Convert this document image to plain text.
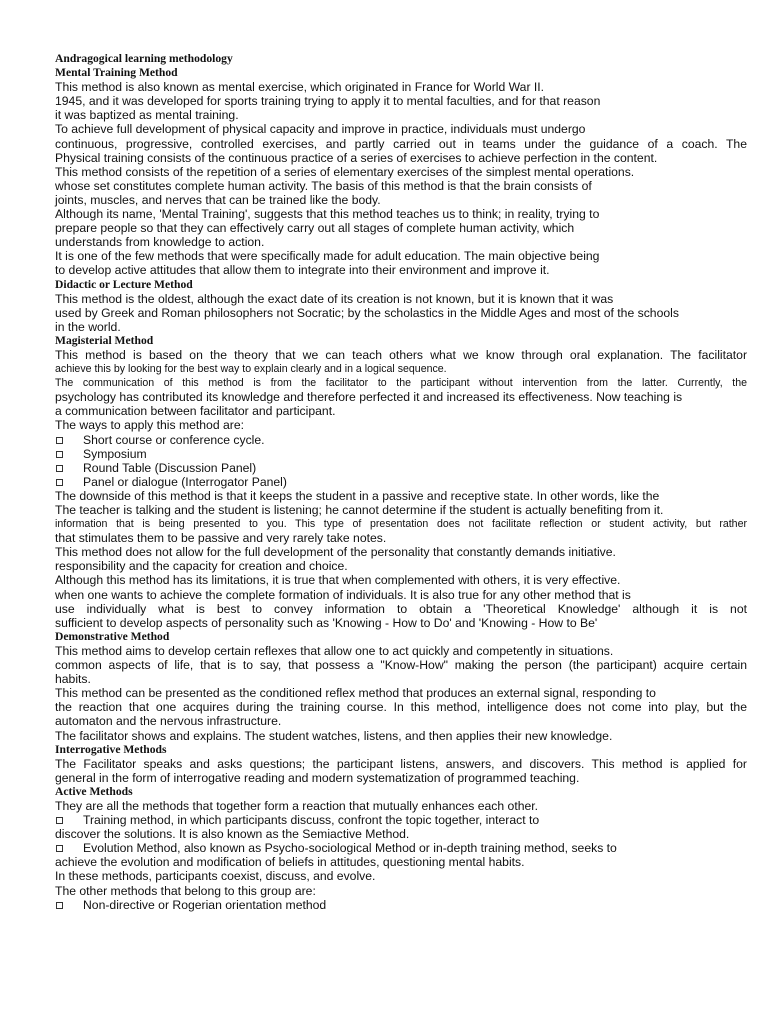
Andragogical learning methodology
Mental Training Method
This method is also known as mental exercise, which originated in France for World War II.
1945, and it was developed for sports training trying to apply it to mental faculties, and for that reason
it was baptized as mental training.
To achieve full development of physical capacity and improve in practice, individuals must undergo
continuous, progressive, controlled exercises, and partly carried out in teams under the guidance of a coach. The
Physical training consists of the continuous practice of a series of exercises to achieve perfection in the content.
This method consists of the repetition of a series of elementary exercises of the simplest mental operations.
whose set constitutes complete human activity. The basis of this method is that the brain consists of
joints, muscles, and nerves that can be trained like the body.
Although its name, 'Mental Training', suggests that this method teaches us to think; in reality, trying to
prepare people so that they can effectively carry out all stages of complete human activity, which
understands from knowledge to action.
It is one of the few methods that were specifically made for adult education. The main objective being
to develop active attitudes that allow them to integrate into their environment and improve it.
Didactic or Lecture Method
This method is the oldest, although the exact date of its creation is not known, but it is known that it was
used by Greek and Roman philosophers not Socratic; by the scholastics in the Middle Ages and most of the schools
in the world.
Magisterial Method
This method is based on the theory that we can teach others what we know through oral explanation. The facilitator
achieve this by looking for the best way to explain clearly and in a logical sequence.
The communication of this method is from the facilitator to the participant without intervention from the latter. Currently, the
psychology has contributed its knowledge and therefore perfected it and increased its effectiveness. Now teaching is
a communication between facilitator and participant.
The ways to apply this method are:
Short course or conference cycle.
Symposium
Round Table (Discussion Panel)
Panel or dialogue (Interrogator Panel)
The downside of this method is that it keeps the student in a passive and receptive state. In other words, like the
The teacher is talking and the student is listening; he cannot determine if the student is actually benefiting from it.
information that is being presented to you. This type of presentation does not facilitate reflection or student activity, but rather
that stimulates them to be passive and very rarely take notes.
This method does not allow for the full development of the personality that constantly demands initiative.
responsibility and the capacity for creation and choice.
Although this method has its limitations, it is true that when complemented with others, it is very effective.
when one wants to achieve the complete formation of individuals. It is also true for any other method that is
use individually what is best to convey information to obtain a 'Theoretical Knowledge' although it is not
sufficient to develop aspects of personality such as 'Knowing - How to Do' and 'Knowing - How to Be'
Demonstrative Method
This method aims to develop certain reflexes that allow one to act quickly and competently in situations.
common aspects of life, that is to say, that possess a "Know-How" making the person (the participant) acquire certain
habits.
This method can be presented as the conditioned reflex method that produces an external signal, responding to
the reaction that one acquires during the training course. In this method, intelligence does not come into play, but the
automaton and the nervous infrastructure.
The facilitator shows and explains. The student watches, listens, and then applies their new knowledge.
Interrogative Methods
The Facilitator speaks and asks questions; the participant listens, answers, and discovers. This method is applied for
general in the form of interrogative reading and modern systematization of programmed teaching.
Active Methods
They are all the methods that together form a reaction that mutually enhances each other.
Training method, in which participants discuss, confront the topic together, interact to
discover the solutions. It is also known as the Semiactive Method.
Evolution Method, also known as Psycho-sociological Method or in-depth training method, seeks to
achieve the evolution and modification of beliefs in attitudes, questioning mental habits.
In these methods, participants coexist, discuss, and evolve.
The other methods that belong to this group are:
Non-directive or Rogerian orientation method
